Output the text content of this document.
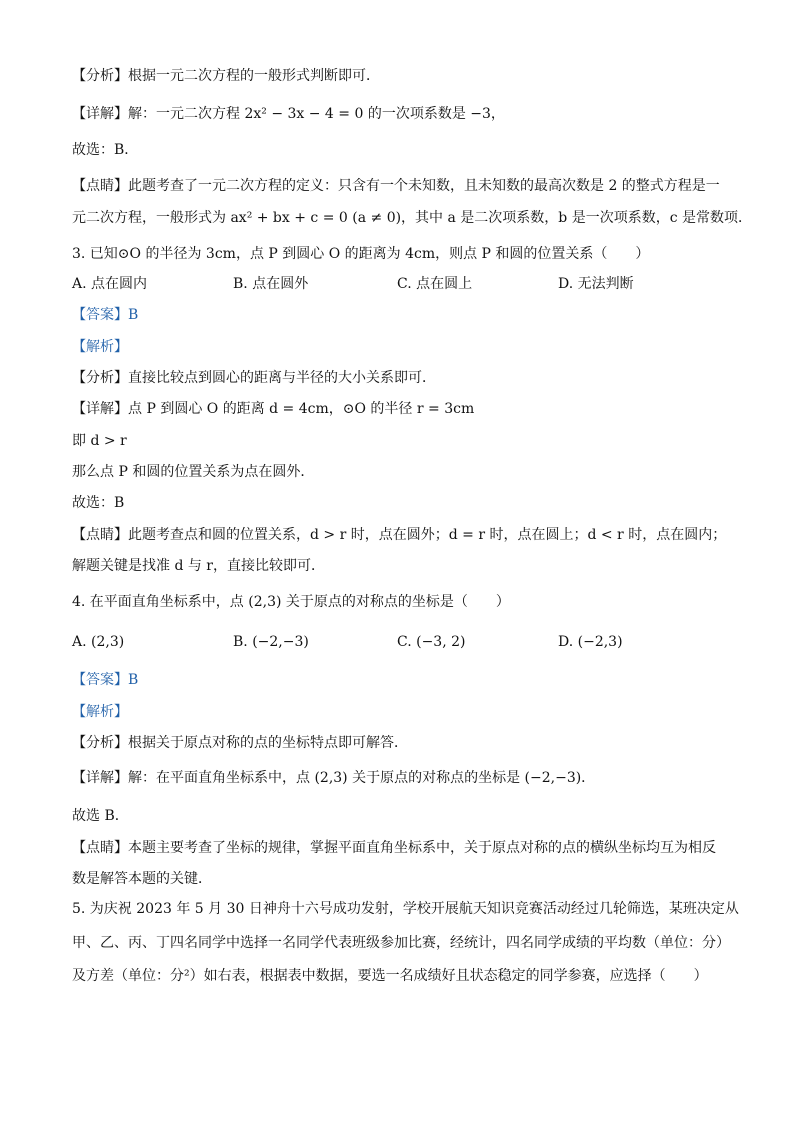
【分析】根据一元二次方程的一般形式判断即可．
【详解】解：一元二次方程 2x² − 3x − 4 = 0 的一次项系数是 −3，
故选：B．
【点睛】此题考查了一元二次方程的定义：只含有一个未知数，且未知数的最高次数是 2 的整式方程是一
元二次方程，一般形式为 ax² + bx + c = 0 (a ≠ 0)，其中 a 是二次项系数，b 是一次项系数，c 是常数项．
3. 已知⊙O 的半径为 3cm，点 P 到圆心 O 的距离为 4cm，则点 P 和圆的位置关系（　　）
A. 点在圆内	B. 点在圆外	C. 点在圆上	D. 无法判断
【答案】B
【解析】
【分析】直接比较点到圆心的距离与半径的大小关系即可．
【详解】点 P 到圆心 O 的距离 d = 4cm，⊙O 的半径 r = 3cm
即 d > r
那么点 P 和圆的位置关系为点在圆外．
故选：B
【点睛】此题考查点和圆的位置关系，d > r 时，点在圆外；d = r 时，点在圆上；d < r 时，点在圆内；
解题关键是找准 d 与 r，直接比较即可．
4. 在平面直角坐标系中，点 (2,3) 关于原点的对称点的坐标是（　　）
A. (2,3)	B. (−2,−3)	C. (−3, 2)	D. (−2,3)
【答案】B
【解析】
【分析】根据关于原点对称的点的坐标特点即可解答．
【详解】解：在平面直角坐标系中，点 (2,3) 关于原点的对称点的坐标是 (−2,−3)．
故选 B．
【点睛】本题主要考查了坐标的规律，掌握平面直角坐标系中，关于原点对称的点的横纵坐标均互为相反
数是解答本题的关键．
5. 为庆祝 2023 年 5 月 30 日神舟十六号成功发射，学校开展航天知识竞赛活动经过几轮筛选，某班决定从
甲、乙、丙、丁四名同学中选择一名同学代表班级参加比赛，经统计，四名同学成绩的平均数（单位：分）
及方差（单位：分²）如右表，根据表中数据，要选一名成绩好且状态稳定的同学参赛，应选择（　　）
